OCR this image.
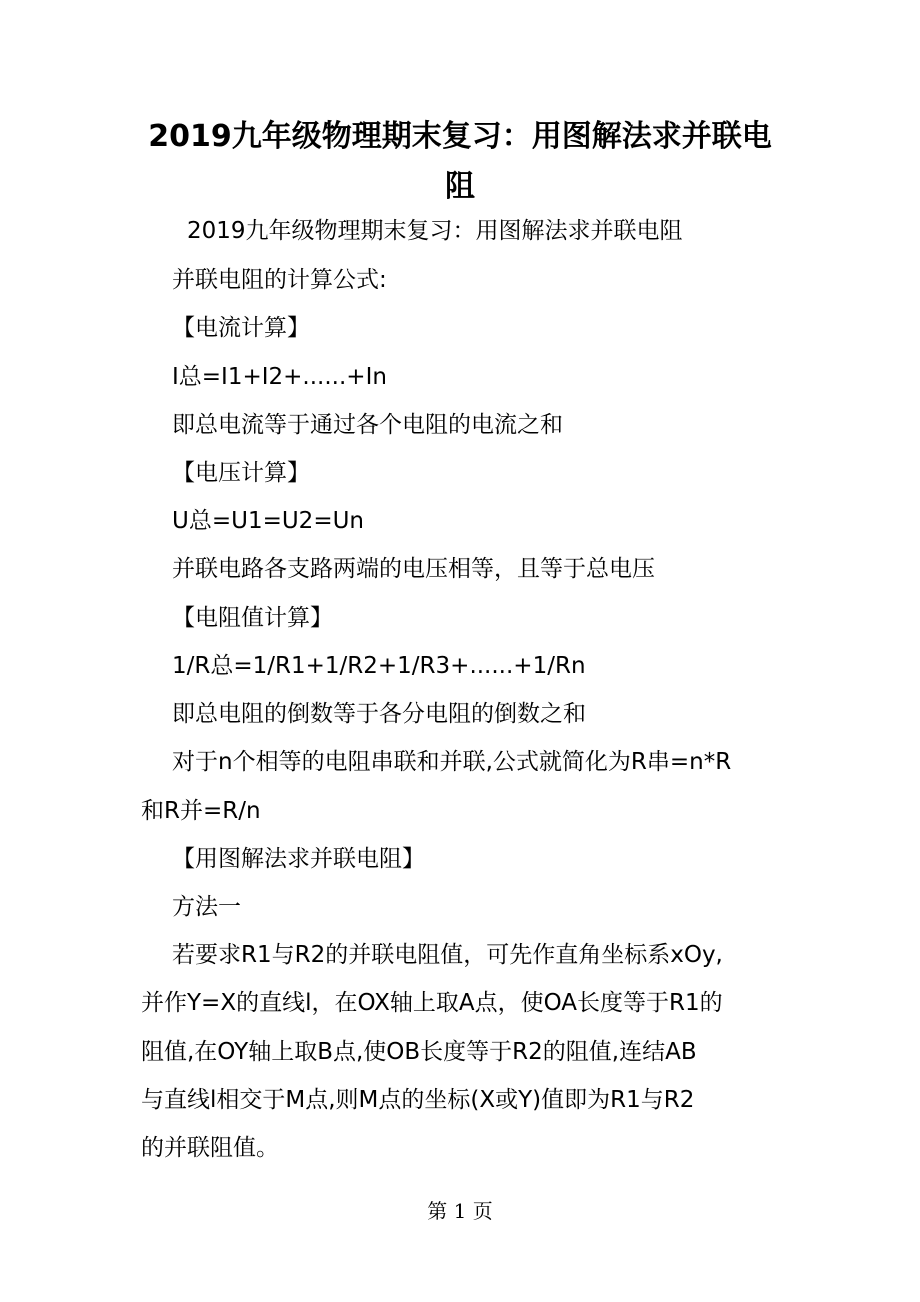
2019九年级物理期末复习：用图解法求并联电
阻

2019九年级物理期末复习：用图解法求并联电阻

并联电阻的计算公式:

【电流计算】

I总=I1+I2+......+In

即总电流等于通过各个电阻的电流之和

【电压计算】

U总=U1=U2=Un

并联电路各支路两端的电压相等，且等于总电压

【电阻值计算】

1/R总=1/R1+1/R2+1/R3+......+1/Rn

即总电阻的倒数等于各分电阻的倒数之和

对于n个相等的电阻串联和并联,公式就简化为R串=n*R

和R并=R/n

【用图解法求并联电阻】

方法一

若要求R1与R2的并联电阻值，可先作直角坐标系xOy,

并作Y=X的直线l，在OX轴上取A点，使OA长度等于R1的

阻值,在OY轴上取B点,使OB长度等于R2的阻值,连结AB

与直线l相交于M点,则M点的坐标(X或Y)值即为R1与R2

的并联阻值。

第 1 页
